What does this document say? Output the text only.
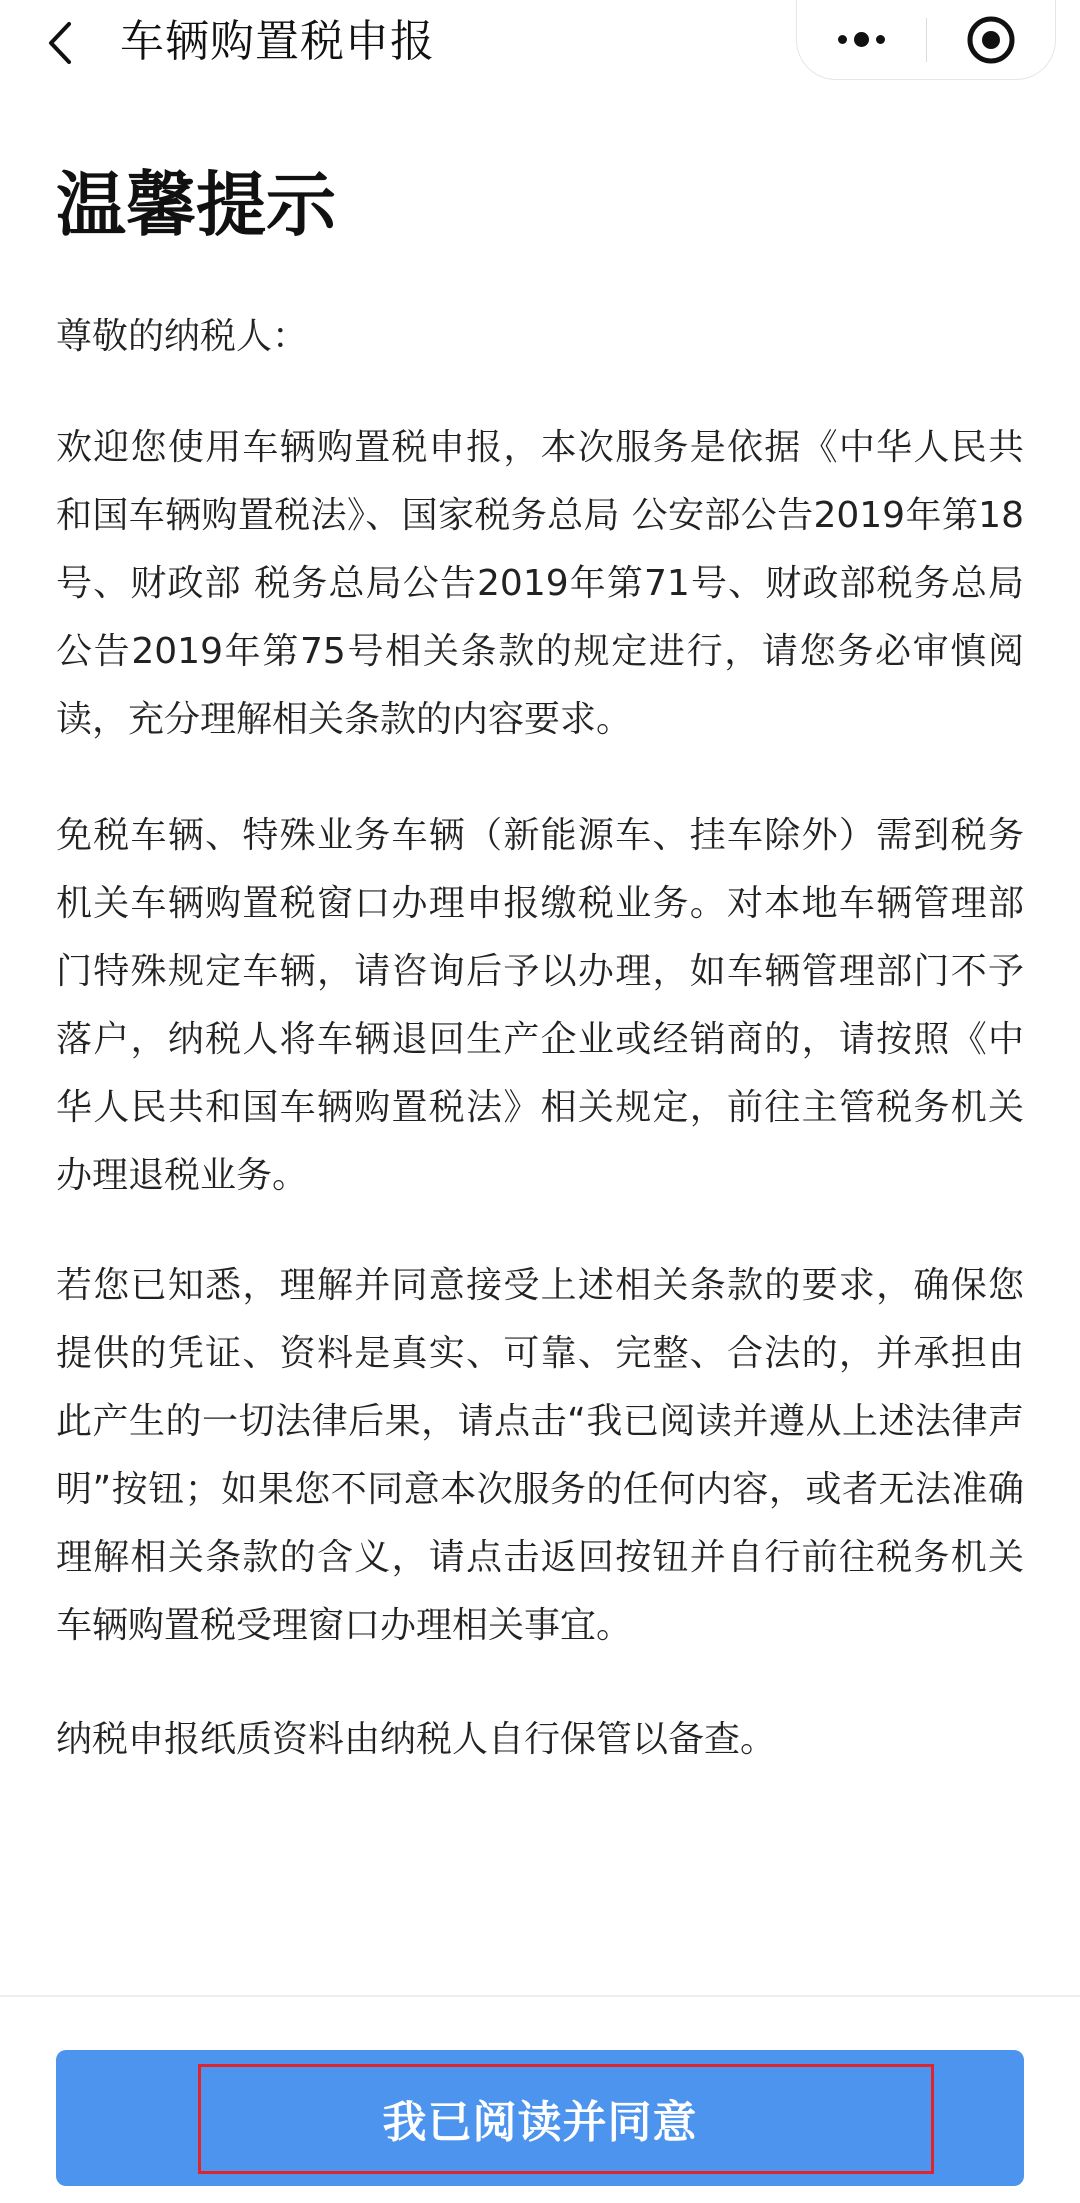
车辆购置税申报
温馨提示
尊敬的纳税人：
欢迎您使用车辆购置税申报，本次服务是依据《中华人民共和国车辆购置税法》、国家税务总局 公安部公告2019年第18号、财政部 税务总局公告2019年第71号、财政部税务总局公告2019年第75号相关条款的规定进行，请您务必审慎阅读，充分理解相关条款的内容要求。
免税车辆、特殊业务车辆（新能源车、挂车除外）需到税务机关车辆购置税窗口办理申报缴税业务。对本地车辆管理部门特殊规定车辆，请咨询后予以办理，如车辆管理部门不予落户，纳税人将车辆退回生产企业或经销商的，请按照《中华人民共和国车辆购置税法》相关规定，前往主管税务机关办理退税业务。
若您已知悉，理解并同意接受上述相关条款的要求，确保您提供的凭证、资料是真实、可靠、完整、合法的，并承担由此产生的一切法律后果，请点击“我已阅读并遵从上述法律声明”按钮；如果您不同意本次服务的任何内容，或者无法准确理解相关条款的含义，请点击返回按钮并自行前往税务机关车辆购置税受理窗口办理相关事宜。
纳税申报纸质资料由纳税人自行保管以备查。
我已阅读并同意
